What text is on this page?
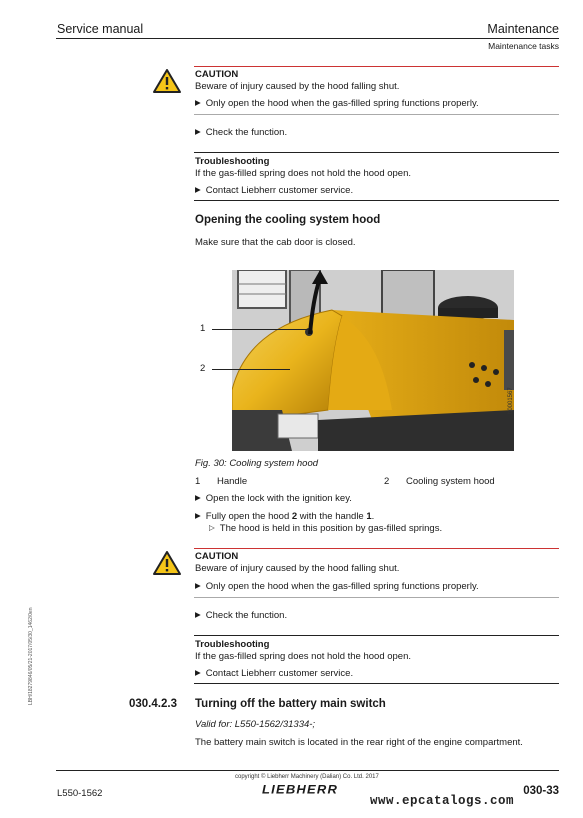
Service manual	Maintenance
Maintenance tasks
LBH/18279846/05/21-2017/05/30_1462/0en
CAUTION
Beware of injury caused by the hood falling shut.
▶ Only open the hood when the gas-filled spring functions properly.
▶ Check the function.
Troubleshooting
If the gas-filled spring does not hold the hood open.
▶ Contact Liebherr customer service.
Opening the cooling system hood
Make sure that the cab door is closed.
1
2
b0001567
Fig. 30: Cooling system hood
1 Handle	2 Cooling system hood
▶ Open the lock with the ignition key.
▶ Fully open the hood 2 with the handle 1.
▷ The hood is held in this position by gas-filled springs.
CAUTION
Beware of injury caused by the hood falling shut.
▶ Only open the hood when the gas-filled spring functions properly.
▶ Check the function.
Troubleshooting
If the gas-filled spring does not hold the hood open.
▶ Contact Liebherr customer service.
030.4.2.3 Turning off the battery main switch
Valid for: L550-1562/31334-;
The battery main switch is located in the rear right of the engine compartment.
copyright © Liebherr Machinery (Dalian) Co. Ltd. 2017
L550-1562	LIEBHERR	030-33
www.epcatalogs.com
